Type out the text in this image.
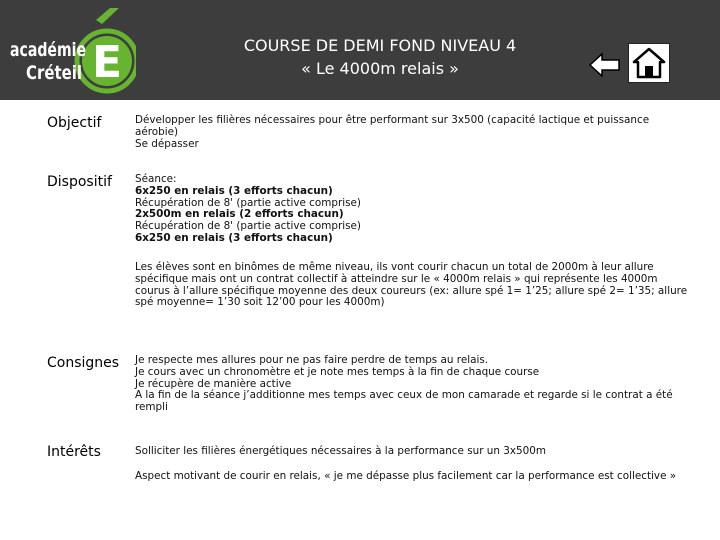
E
académie
Créteil
COURSE DE DEMI FOND NIVEAU 4
« Le 4000m relais »
Objectif	Développer les filières nécessaires pour être performant sur 3x500 (capacité lactique et puissance aérobie)
Se dépasser
Dispositif Séance:
6x250 en relais (3 efforts chacun)
Récupération de 8' (partie active comprise)
2x500m en relais (2 efforts chacun)
Récupération de 8' (partie active comprise)
6x250 en relais (3 efforts chacun)
Les élèves sont en binômes de même niveau, ils vont courir chacun un total de 2000m à leur allure spécifique mais ont un contrat collectif à atteindre sur le « 4000m relais » qui représente les 4000m courus à l’allure spécifique moyenne des deux coureurs (ex: allure spé 1= 1’25; allure spé 2= 1’35; allure spé moyenne= 1’30 soit 12’00 pour les 4000m)
Consignes Je respecte mes allures pour ne pas faire perdre de temps au relais.
Je cours avec un chronomètre et je note mes temps à la fin de chaque course
Je récupère de manière active
A la fin de la séance j’additionne mes temps avec ceux de mon camarade et regarde si le contrat a été rempli
Intérêts	Solliciter les filières énergétiques nécessaires à la performance sur un 3x500m
Aspect motivant de courir en relais, « je me dépasse plus facilement car la performance est collective »
